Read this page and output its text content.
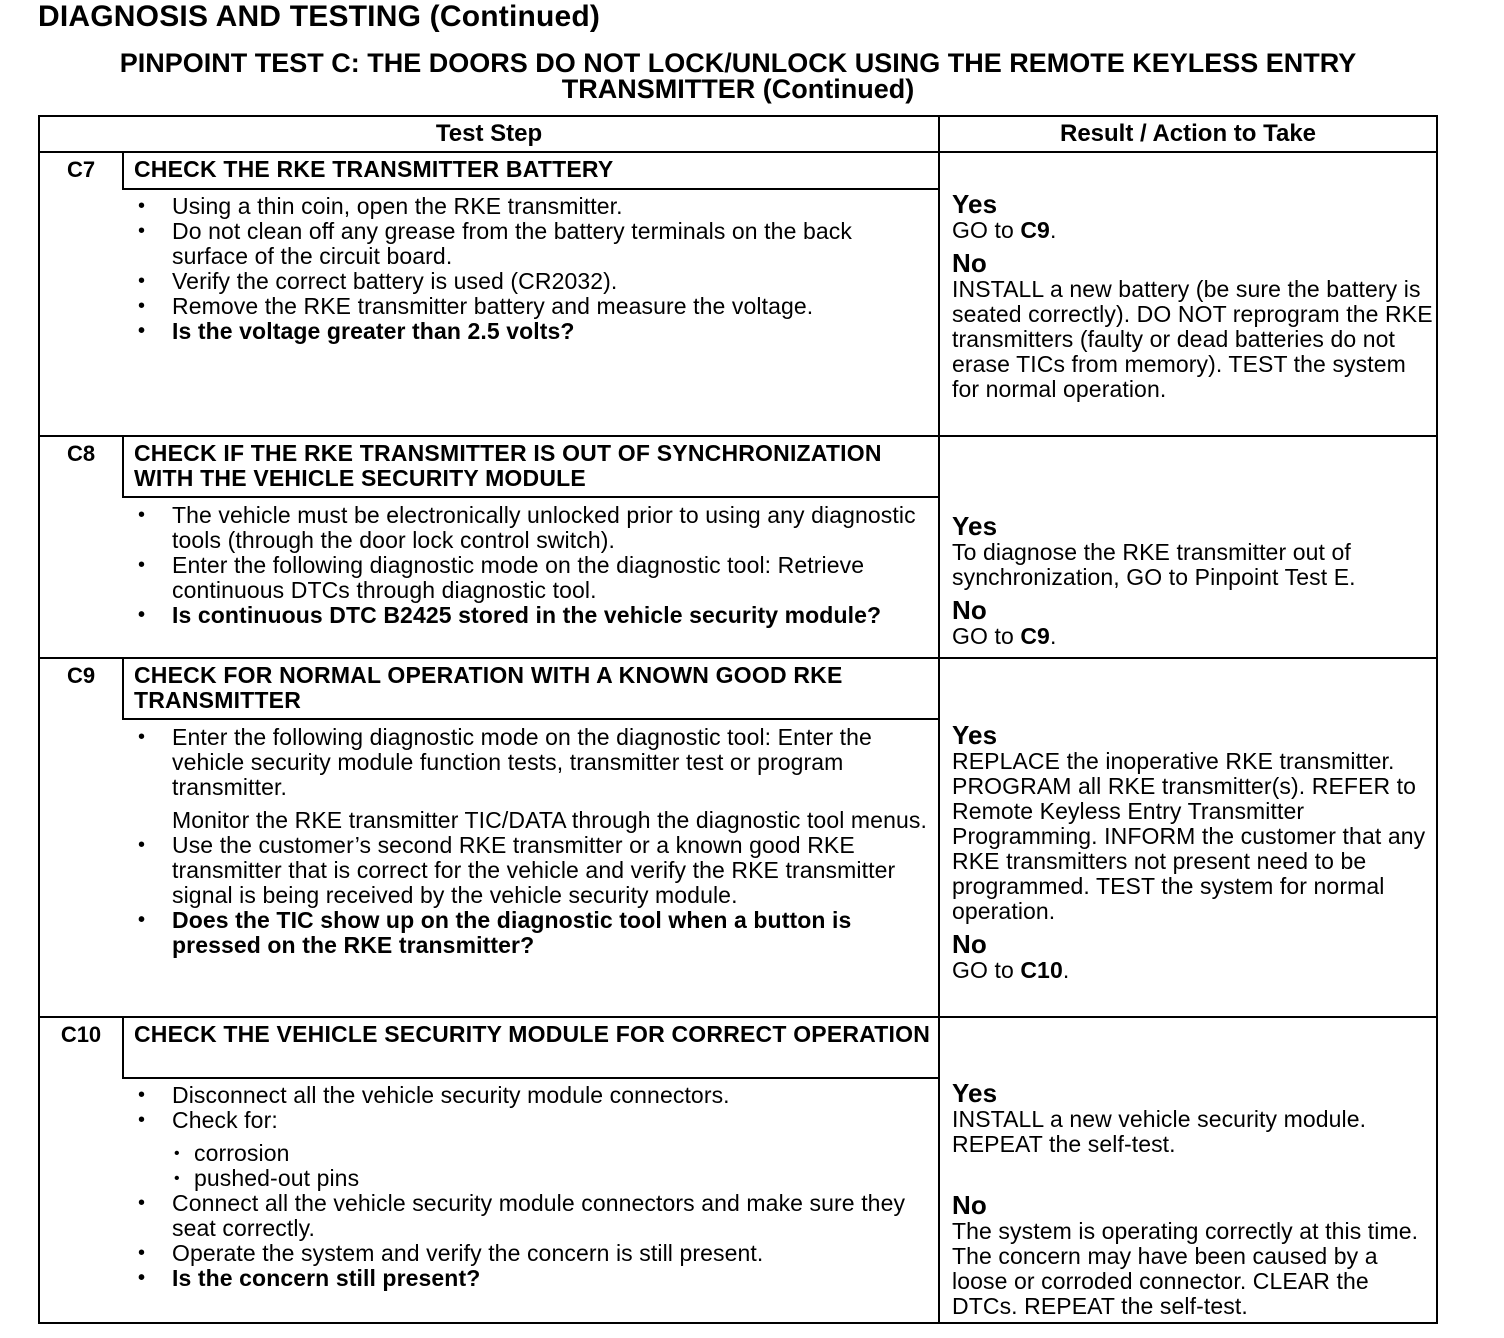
DIAGNOSIS AND TESTING (Continued)
PINPOINT TEST C: THE DOORS DO NOT LOCK/UNLOCK USING THE REMOTE KEYLESS ENTRY
TRANSMITTER (Continued)
Test Step	Result / Action to Take
C7	CHECK THE RKE TRANSMITTER BATTERY
• Using a thin coin, open the RKE transmitter.
• Do not clean off any grease from the battery terminals on the back surface of the circuit board.
• Verify the correct battery is used (CR2032).
• Remove the RKE transmitter battery and measure the voltage.
• Is the voltage greater than 2.5 volts?
Yes
GO to C9.
No
INSTALL a new battery (be sure the battery is seated correctly). DO NOT reprogram the RKE transmitters (faulty or dead batteries do not erase TICs from memory). TEST the system for normal operation.
C8	CHECK IF THE RKE TRANSMITTER IS OUT OF SYNCHRONIZATION WITH THE VEHICLE SECURITY MODULE
• The vehicle must be electronically unlocked prior to using any diagnostic tools (through the door lock control switch).
• Enter the following diagnostic mode on the diagnostic tool: Retrieve continuous DTCs through diagnostic tool.
• Is continuous DTC B2425 stored in the vehicle security module?
Yes
To diagnose the RKE transmitter out of synchronization, GO to Pinpoint Test E.
No
GO to C9.
C9	CHECK FOR NORMAL OPERATION WITH A KNOWN GOOD RKE TRANSMITTER
• Enter the following diagnostic mode on the diagnostic tool: Enter the vehicle security module function tests, transmitter test or program transmitter.
Monitor the RKE transmitter TIC/DATA through the diagnostic tool menus.
• Use the customer’s second RKE transmitter or a known good RKE transmitter that is correct for the vehicle and verify the RKE transmitter signal is being received by the vehicle security module.
• Does the TIC show up on the diagnostic tool when a button is pressed on the RKE transmitter?
Yes
REPLACE the inoperative RKE transmitter. PROGRAM all RKE transmitter(s). REFER to Remote Keyless Entry Transmitter Programming. INFORM the customer that any RKE transmitters not present need to be programmed. TEST the system for normal operation.
No
GO to C10.
C10	CHECK THE VEHICLE SECURITY MODULE FOR CORRECT OPERATION
• Disconnect all the vehicle security module connectors.
• Check for:
• corrosion
• pushed-out pins
• Connect all the vehicle security module connectors and make sure they seat correctly.
• Operate the system and verify the concern is still present.
• Is the concern still present?
Yes
INSTALL a new vehicle security module. REPEAT the self-test.
No
The system is operating correctly at this time. The concern may have been caused by a loose or corroded connector. CLEAR the DTCs. REPEAT the self-test.
